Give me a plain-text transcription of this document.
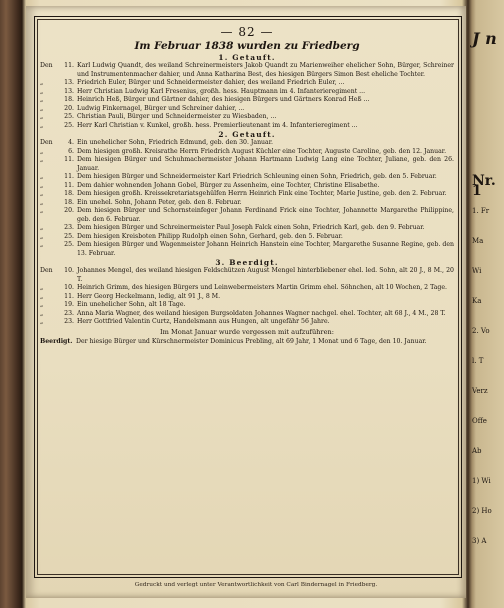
— 82 —
Im Februar 1838 wurden zu Friedberg
1. Getauft.
Den	11. Karl Ludwig Quandt, des weiland Schreinermeisters Jakob Quandt zu Marienweiher ehelicher Sohn, Bürger, Schreiner und Instrumentenmacher dahier, und Anna Katharina Best, des hiesigen Bürgers Simon Best eheliche Tochter.
„	13. Friedrich Euler, Bürger und Schneidermeister dahier, des weiland Friedrich Euler, ...
„	13. Herr Christian Ludwig Karl Fresenius, großh. hess. Hauptmann im 4. Infanterieregiment ...
„	18. Heinrich Heß, Bürger und Gärtner dahier, des hiesigen Bürgers und Gärtners Konrad Heß ...
„	20. Ludwig Finkernagel, Bürger und Schreiner dahier, ...
„	25. Christian Pauli, Bürger und Schneidermeister zu Wiesbaden, ...
„	25. Herr Karl Christian v. Kunkel, großh. hess. Premierlieutenant im 4. Infanterieregiment ...
2. Getauft.
Den	4. Ein unehelicher Sohn, Friedrich Edmund, geb. den 30. Januar.
„	6. Dem hiesigen großh. Kreisrathe Herrn Friedrich August Küchler eine Tochter, Auguste Caroline, geb. den 12. Januar.
„	11. Dem hiesigen Bürger und Schuhmachermeister Johann Hartmann Ludwig Lang eine Tochter, Juliane, geb. den 26. Januar.
„	11. Dem hiesigen Bürger und Schneidermeister Karl Friedrich Schleuning einen Sohn, Friedrich, geb. den 5. Februar.
„	11. Dem dahier wohnenden Johann Gobel, Bürger zu Assenheim, eine Tochter, Christine Elisabethe.
„	18. Dem hiesigen großh. Kreissekretariatsgehülfen Herrn Heinrich Fink eine Tochter, Marie Justine, geb. den 2. Februar.
„	18. Ein unehel. Sohn, Johann Peter, geb. den 8. Februar.
„	20. Dem hiesigen Bürger und Schornsteinfeger Johann Ferdinand Frick eine Tochter, Johannette Margarethe Philippine, geb. den 6. Februar.
„	23. Dem hiesigen Bürger und Schreinermeister Paul Joseph Falck einen Sohn, Friedrich Karl, geb. den 9. Februar.
„	25. Dem hiesigen Kreisboten Philipp Rudolph einen Sohn, Gerhard, geb. den 5. Februar.
„	25. Dem hiesigen Bürger und Wagenmeister Johann Heinrich Hanstein eine Tochter, Margarethe Susanne Regine, geb. den 13. Februar.
3. Beerdigt.
Den	10. Johannes Mengel, des weiland hiesigen Feldschützen August Mengel hinterbliebener ehel. led. Sohn, alt 20 J., 8 M., 20 T.
„	10. Heinrich Grimm, des hiesigen Bürgers und Leinwebermeisters Martin Grimm ehel. Söhnchen, alt 10 Wochen, 2 Tage.
„	11. Herr Georg Heckelmann, ledig, alt 91 J., 8 M.
„	19. Ein unehelicher Sohn, alt 18 Tage.
„	23. Anna Maria Wagner, des weiland hiesigen Burgsoldaten Johannes Wagner nachgel. ehel. Tochter, alt 68 J., 4 M., 28 T.
„	23. Herr Gottfried Valentin Curtz, Handelsmann aus Hungen, alt ungefähr 56 Jahre.
Im Monat Januar wurde vergessen mit aufzuführen:
Beerdigt. Der hiesige Bürger und Kürschnermeister Dominicus Prebling, alt 69 Jahr, 1 Monat und 6 Tage, den 10. Januar.
Gedruckt und verlegt unter Verantwortlichkeit von Carl Bindernagel in Friedberg.
J n
Nr. 1
1. Fr
Ma
Wi
Ka
2. Vo
l. T
Verz
Offe
Ab
1) Wi
2) Ho
3) A
